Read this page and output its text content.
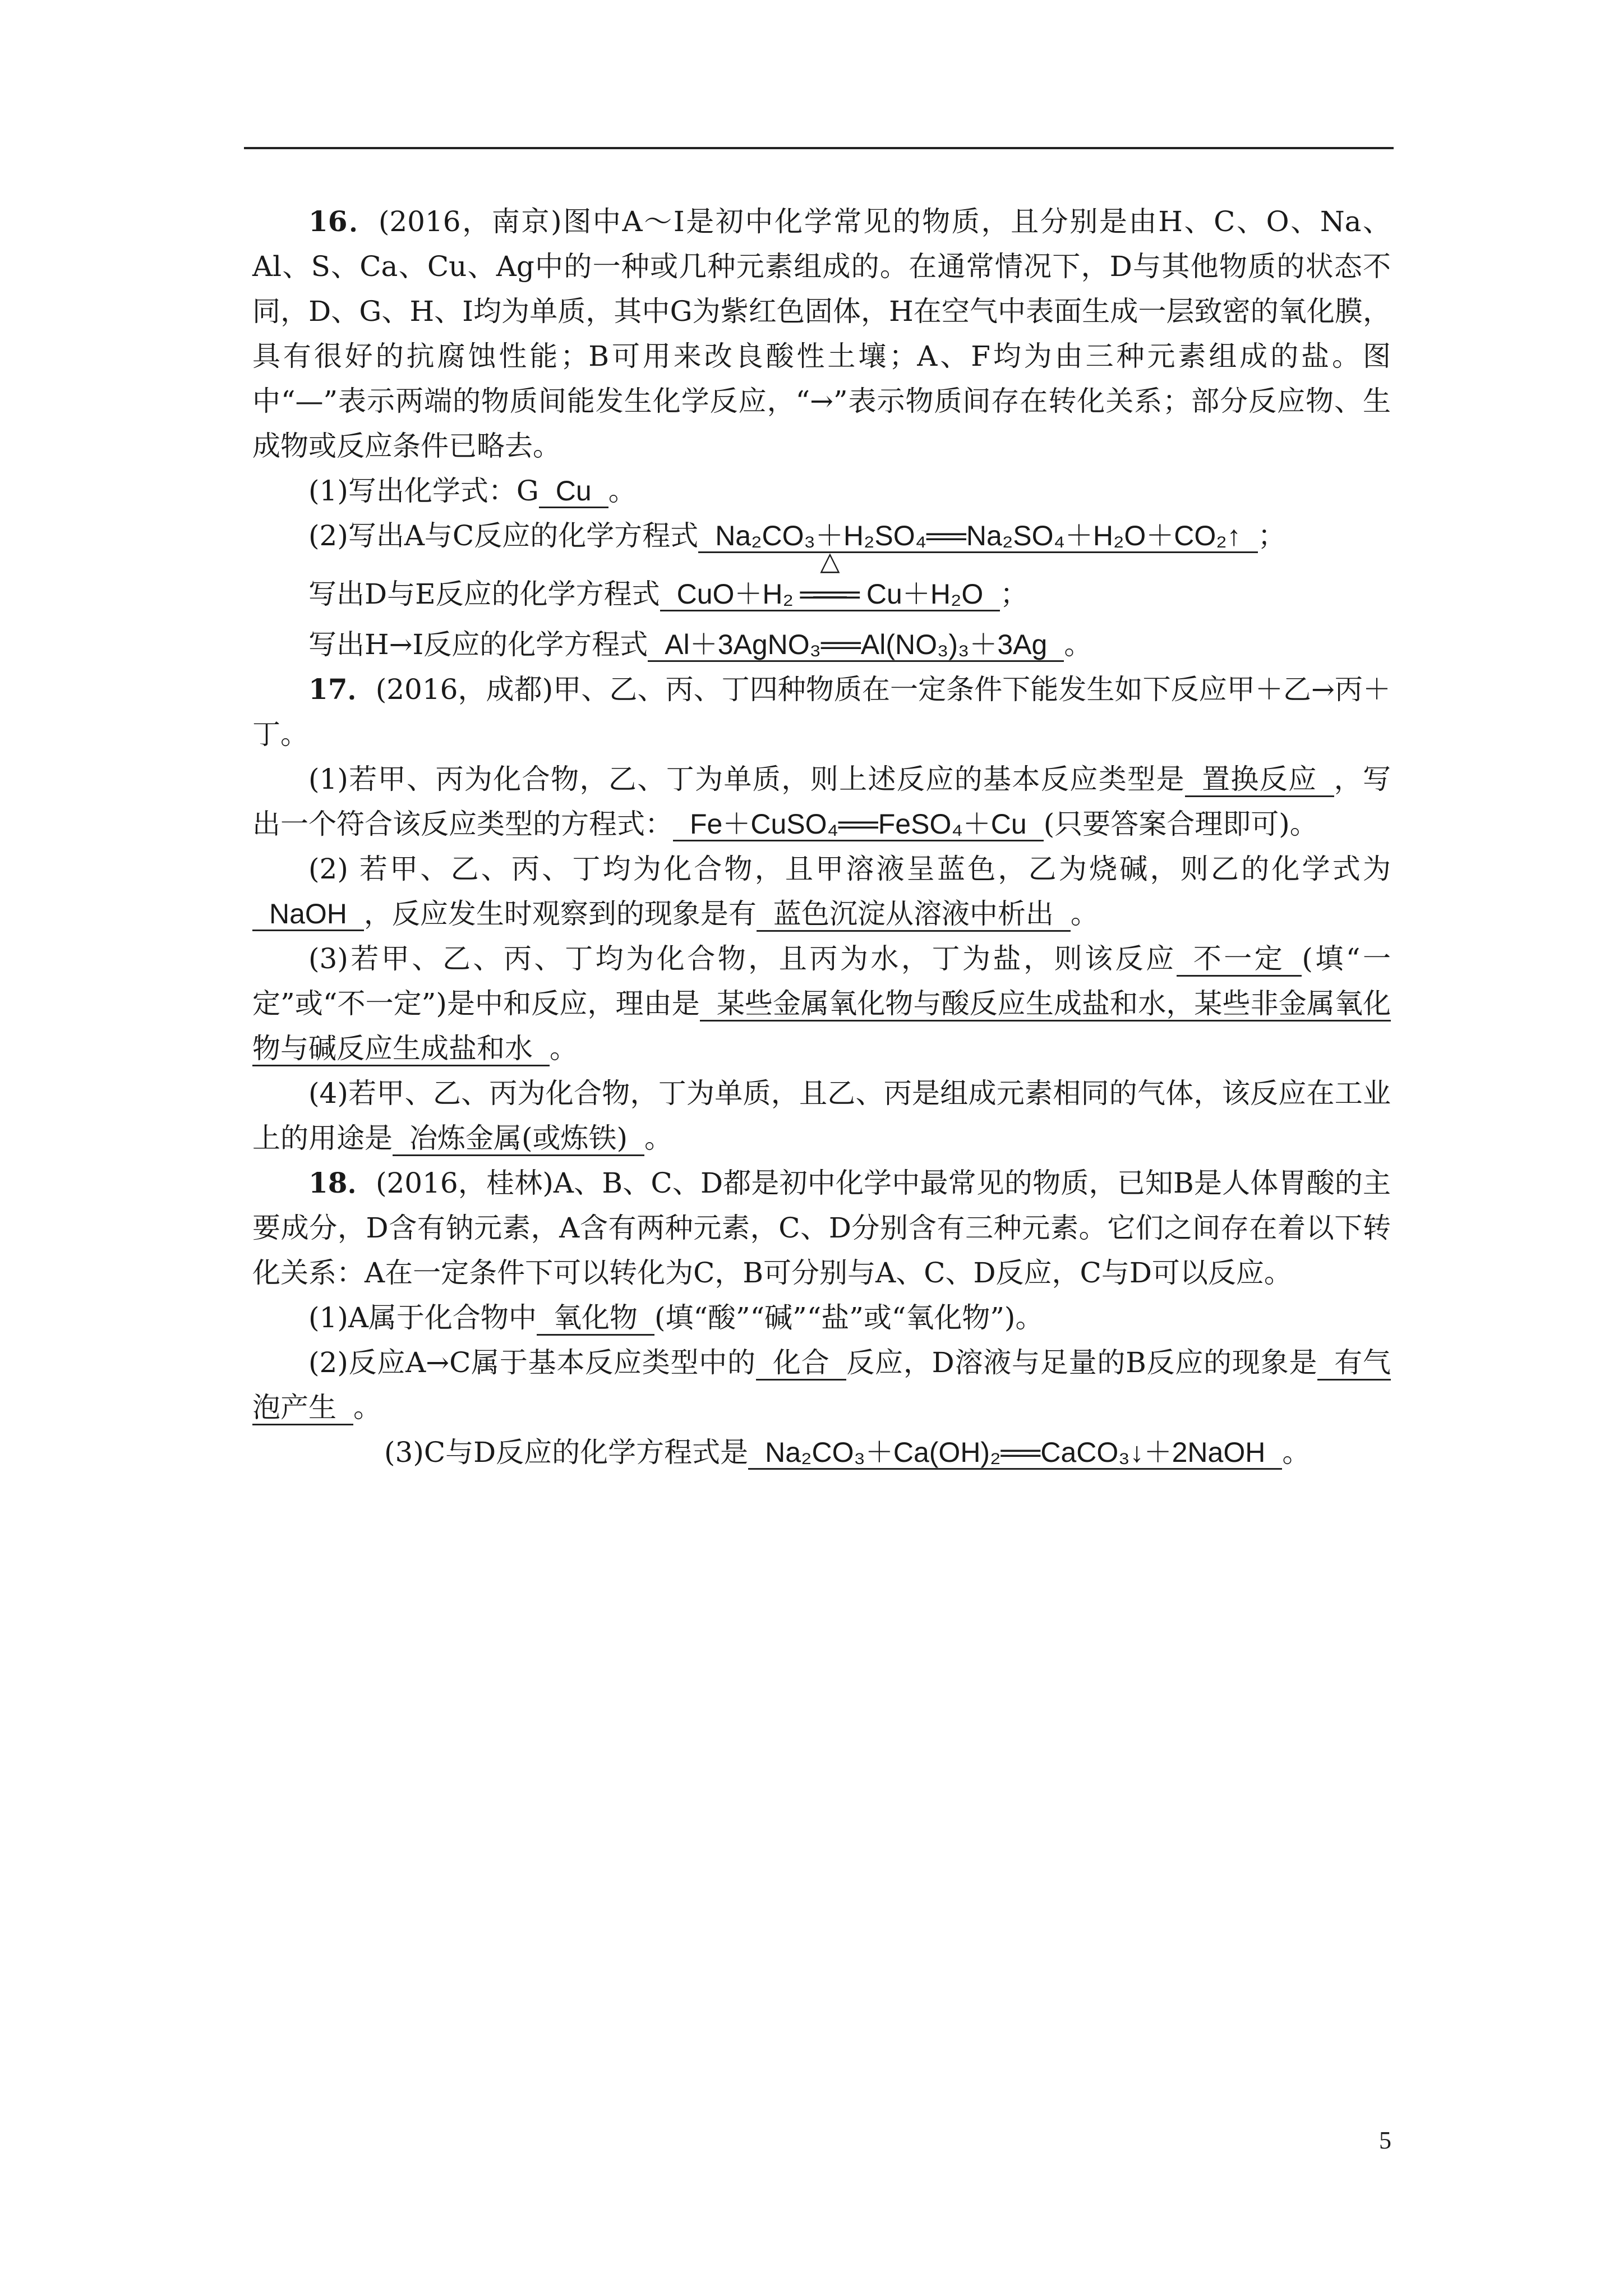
16．(2016，南京)图中A～I是初中化学常见的物质，且分别是由H、C、O、Na、Al、S、Ca、Cu、Ag中的一种或几种元素组成的。在通常情况下，D与其他物质的状态不同，D、G、H、I均为单质，其中G为紫红色固体，H在空气中表面生成一层致密的氧化膜，具有很好的抗腐蚀性能；B可用来改良酸性土壤；A、F均为由三种元素组成的盐。图中“—”表示两端的物质间能发生化学反应，“→”表示物质间存在转化关系；部分反应物、生成物或反应条件已略去。

(1)写出化学式：G Cu 。

(2)写出A与C反应的化学方程式 Na₂CO₃＋H₂SO₄══Na₂SO₄＋H₂O＋CO₂↑ ；

写出D与E反应的化学方程式 CuO＋H₂
△
═══ Cu＋H₂O ；

写出H→I反应的化学方程式 Al＋3AgNO₃══Al(NO₃)₃＋3Ag 。

17．(2016，成都)甲、乙、丙、丁四种物质在一定条件下能发生如下反应甲＋乙→丙＋丁。

(1)若甲、丙为化合物，乙、丁为单质，则上述反应的基本反应类型是 置换反应 ，写出一个符合该反应类型的方程式： Fe＋CuSO₄══FeSO₄＋Cu (只要答案合理即可)。

(2) 若甲、乙、丙、丁均为化合物，且甲溶液呈蓝色，乙为烧碱，则乙的化学式为NaOH ，反应发生时观察到的现象是有 蓝色沉淀从溶液中析出 。

(3)若甲、乙、丙、丁均为化合物，且丙为水，丁为盐，则该反应 不一定 (填“一定”或“不一定”)是中和反应，理由是 某些金属氧化物与酸反应生成盐和水，某些非金属氧化物与碱反应生成盐和水 。

(4)若甲、乙、丙为化合物，丁为单质，且乙、丙是组成元素相同的气体，该反应在工业上的用途是 冶炼金属(或炼铁) 。

18．(2016，桂林)A、B、C、D都是初中化学中最常见的物质，已知B是人体胃酸的主要成分，D含有钠元素，A含有两种元素，C、D分别含有三种元素。它们之间存在着以下转化关系：A在一定条件下可以转化为C，B可分别与A、C、D反应，C与D可以反应。

(1)A属于化合物中 氧化物 (填“酸”“碱”“盐”或“氧化物”)。

(2)反应A→C属于基本反应类型中的 化合 反应，D溶液与足量的B反应的现象是 有气泡产生 。

(3)C与D反应的化学方程式是 Na₂CO₃＋Ca(OH)₂══CaCO₃↓＋2NaOH 。

5
